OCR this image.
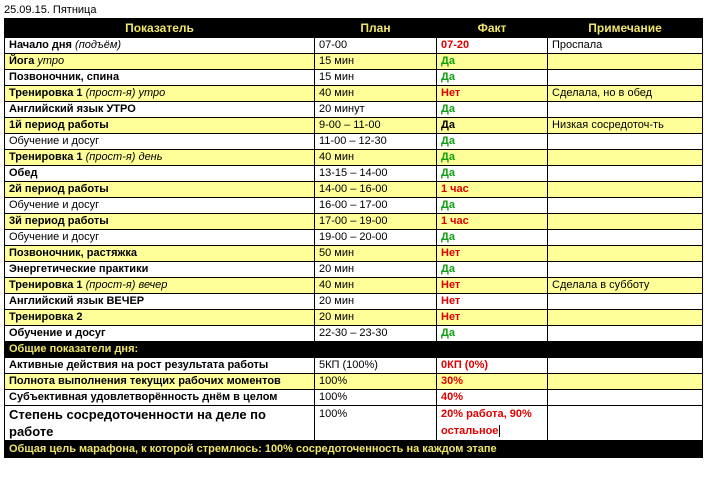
25.09.15. Пятница
Показатель	План	Факт	Примечание
Начало дня (подъём)	07-00	07-20	Проспала
Йога утро	15 мин	Да	
Позвоночник, спина	15 мин	Да	
Тренировка 1 (прост-я) утро	40 мин	Нет	Сделала, но в обед
Английский язык УТРО	20 минут	Да	
1й период работы	9-00 – 11-00	Да	Низкая сосредоточ-ть
Обучение и досуг	11-00 – 12-30	Да	
Тренировка 1 (прост-я) день	40 мин	Да	
Обед	13-15 – 14-00	Да	
2й период работы	14-00 – 16-00	1 час	
Обучение и досуг	16-00 – 17-00	Да	
3й период работы	17-00 – 19-00	1 час	
Обучение и досуг	19-00 – 20-00	Да	
Позвоночник, растяжка	50 мин	Нет	
Энергетические практики	20 мин	Да	
Тренировка 1 (прост-я) вечер	40 мин	Нет	Сделала в субботу
Английский язык ВЕЧЕР	20 мин	Нет	
Тренировка 2	20 мин	Нет	
Обучение и досуг	22-30 – 23-30	Да	
Общие показатели дня:			
Активные действия на рост результата работы	5КП (100%)	0КП (0%)	
Полнота выполнения текущих рабочих моментов	100%	30%	
Субъективная удовлетворённость днём в целом	100%	40%	
Степень сосредоточенности на деле по работе	100%	20% работа, 90% остальное	
Общая цель марафона, к которой стремлюсь: 100% сосредоточенность на каждом этапе			
